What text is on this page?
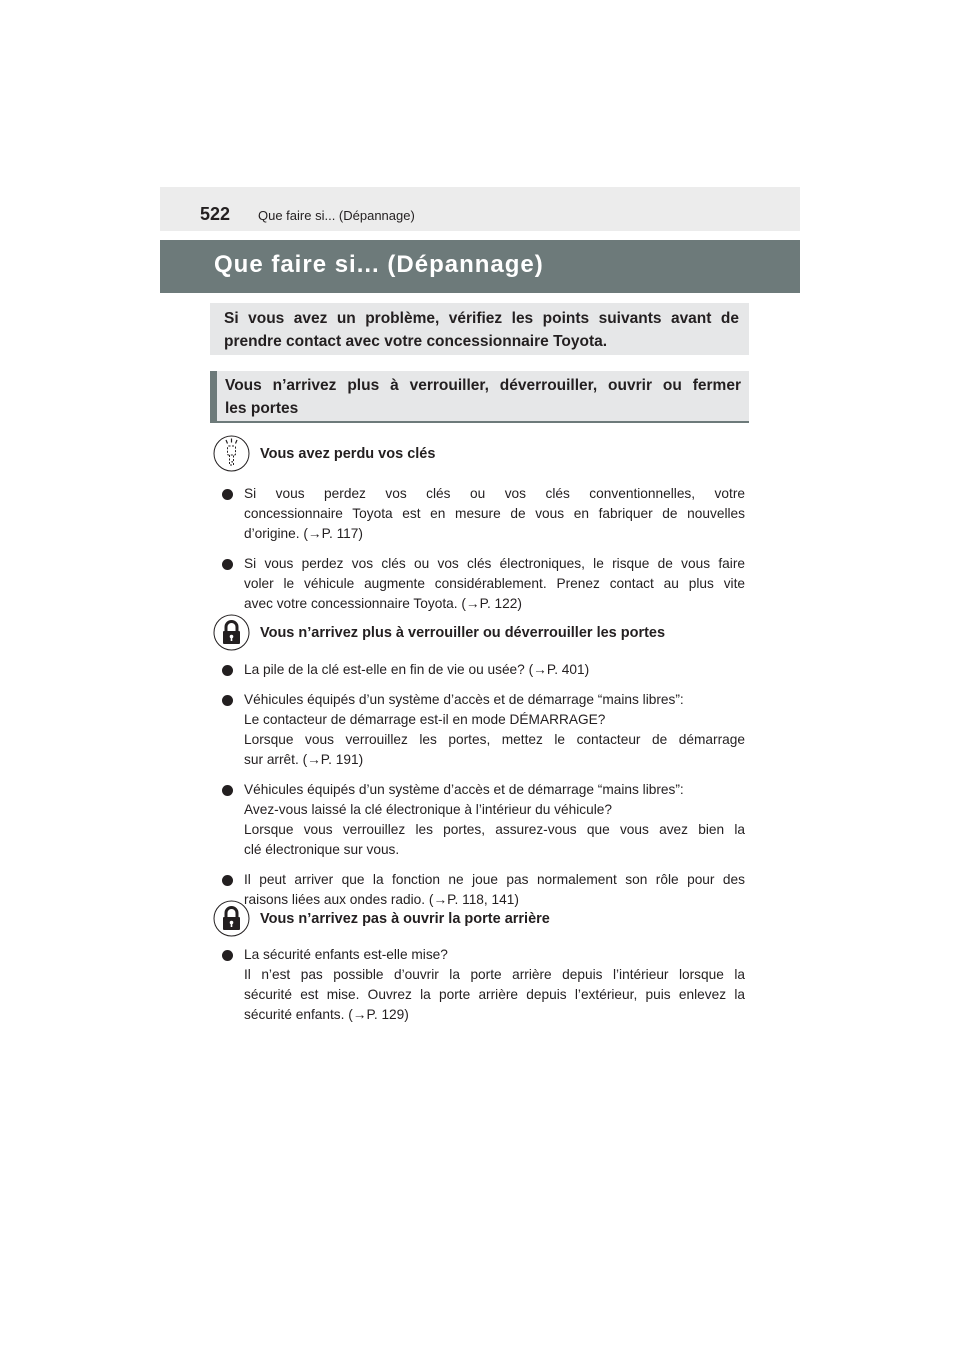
522 Que faire si... (Dépannage)
Que faire si... (Dépannage)
Si vous avez un problème, vérifiez les points suivants avant de
prendre contact avec votre concessionnaire Toyota.
Vous n’arrivez plus à verrouiller, déverrouiller, ouvrir ou fermer
les portes
Vous avez perdu vos clés
Si vous perdez vos clés ou vos clés conventionnelles, votre
concessionnaire Toyota est en mesure de vous en fabriquer de nouvelles
d’origine. (→P. 117)
Si vous perdez vos clés ou vos clés électroniques, le risque de vous faire
voler le véhicule augmente considérablement. Prenez contact au plus vite
avec votre concessionnaire Toyota. (→P. 122)
Vous n’arrivez plus à verrouiller ou déverrouiller les portes
La pile de la clé est-elle en fin de vie ou usée? (→P. 401)
Véhicules équipés d’un système d’accès et de démarrage “mains libres”:
Le contacteur de démarrage est-il en mode DÉMARRAGE?
Lorsque vous verrouillez les portes, mettez le contacteur de démarrage
sur arrêt. (→P. 191)
Véhicules équipés d’un système d’accès et de démarrage “mains libres”:
Avez-vous laissé la clé électronique à l’intérieur du véhicule?
Lorsque vous verrouillez les portes, assurez-vous que vous avez bien la
clé électronique sur vous.
Il peut arriver que la fonction ne joue pas normalement son rôle pour des
raisons liées aux ondes radio. (→P. 118, 141)
Vous n’arrivez pas à ouvrir la porte arrière
La sécurité enfants est-elle mise?
Il n’est pas possible d’ouvrir la porte arrière depuis l’intérieur lorsque la
sécurité est mise. Ouvrez la porte arrière depuis l’extérieur, puis enlevez la
sécurité enfants. (→P. 129)
